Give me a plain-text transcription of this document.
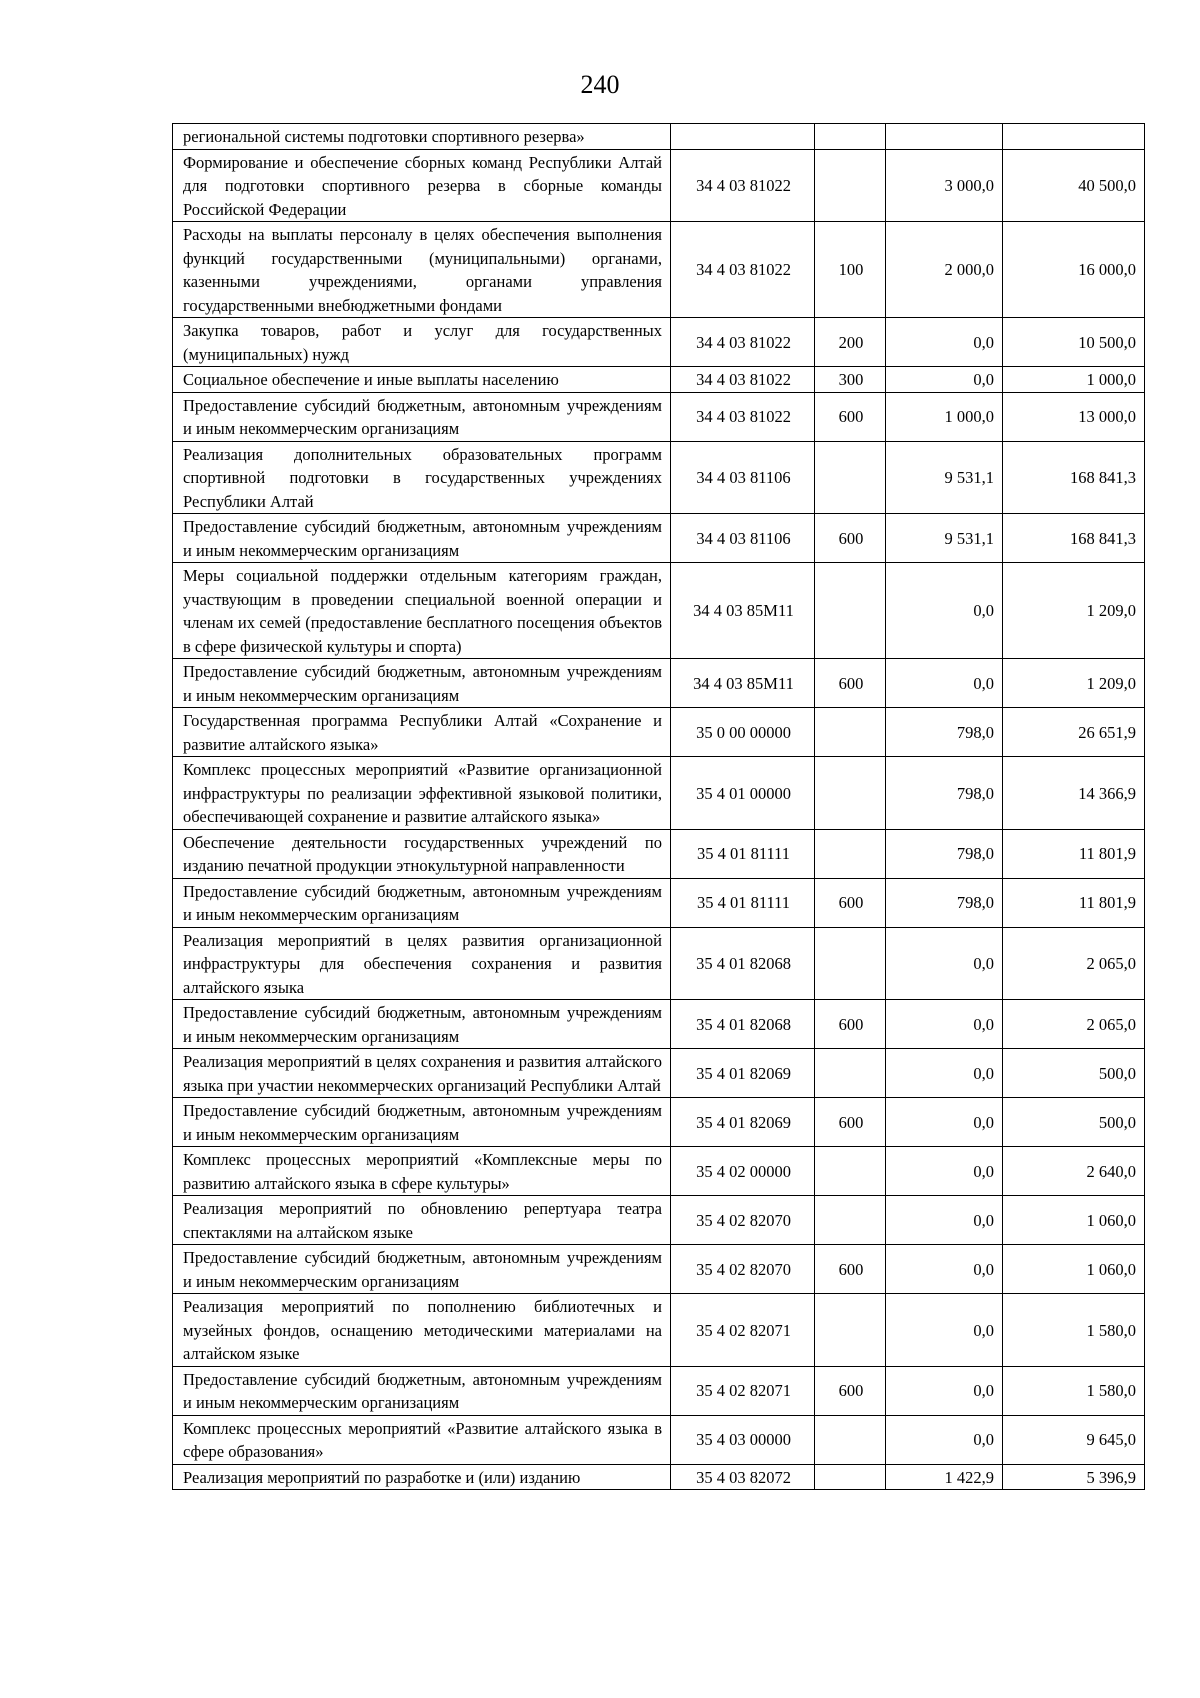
240
региональной системы подготовки спортивного резерва»				
Формирование и обеспечение сборных команд Республики Алтай для подготовки спортивного резерва в сборные команды Российской Федерации	34 4 03 81022		3 000,0	40 500,0
Расходы на выплаты персоналу в целях обеспечения выполнения функций государственными (муниципальными) органами, казенными учреждениями, органами управления государственными внебюджетными фондами	34 4 03 81022	100	2 000,0	16 000,0
Закупка товаров, работ и услуг для государственных (муниципальных) нужд	34 4 03 81022	200	0,0	10 500,0
Социальное обеспечение и иные выплаты населению	34 4 03 81022	300	0,0	1 000,0
Предоставление субсидий бюджетным, автономным учреждениям и иным некоммерческим организациям	34 4 03 81022	600	1 000,0	13 000,0
Реализация дополнительных образовательных программ спортивной подготовки в государственных учреждениях Республики Алтай	34 4 03 81106		9 531,1	168 841,3
Предоставление субсидий бюджетным, автономным учреждениям и иным некоммерческим организациям	34 4 03 81106	600	9 531,1	168 841,3
Меры социальной поддержки отдельным категориям граждан, участвующим в проведении специальной военной операции и членам их семей (предоставление бесплатного посещения объектов в сфере физической культуры и спорта)	34 4 03 85М11		0,0	1 209,0
Предоставление субсидий бюджетным, автономным учреждениям и иным некоммерческим организациям	34 4 03 85М11	600	0,0	1 209,0
Государственная программа Республики Алтай «Сохранение и развитие алтайского языка»	35 0 00 00000		798,0	26 651,9
Комплекс процессных мероприятий «Развитие организационной инфраструктуры по реализации эффективной языковой политики, обеспечивающей сохранение и развитие алтайского языка»	35 4 01 00000		798,0	14 366,9
Обеспечение деятельности государственных учреждений по изданию печатной продукции этнокультурной направленности	35 4 01 81111		798,0	11 801,9
Предоставление субсидий бюджетным, автономным учреждениям и иным некоммерческим организациям	35 4 01 81111	600	798,0	11 801,9
Реализация мероприятий в целях развития организационной инфраструктуры для обеспечения сохранения и развития алтайского языка	35 4 01 82068		0,0	2 065,0
Предоставление субсидий бюджетным, автономным учреждениям и иным некоммерческим организациям	35 4 01 82068	600	0,0	2 065,0
Реализация мероприятий в целях сохранения и развития алтайского языка при участии некоммерческих организаций Республики Алтай	35 4 01 82069		0,0	500,0
Предоставление субсидий бюджетным, автономным учреждениям и иным некоммерческим организациям	35 4 01 82069	600	0,0	500,0
Комплекс процессных мероприятий «Комплексные меры по развитию алтайского языка в сфере культуры»	35 4 02 00000		0,0	2 640,0
Реализация мероприятий по обновлению репертуара театра спектаклями на алтайском языке	35 4 02 82070		0,0	1 060,0
Предоставление субсидий бюджетным, автономным учреждениям и иным некоммерческим организациям	35 4 02 82070	600	0,0	1 060,0
Реализация мероприятий по пополнению библиотечных и музейных фондов, оснащению методическими материалами на алтайском языке	35 4 02 82071		0,0	1 580,0
Предоставление субсидий бюджетным, автономным учреждениям и иным некоммерческим организациям	35 4 02 82071	600	0,0	1 580,0
Комплекс процессных мероприятий «Развитие алтайского языка в сфере образования»	35 4 03 00000		0,0	9 645,0
Реализация мероприятий по разработке и (или) изданию	35 4 03 82072		1 422,9	5 396,9
